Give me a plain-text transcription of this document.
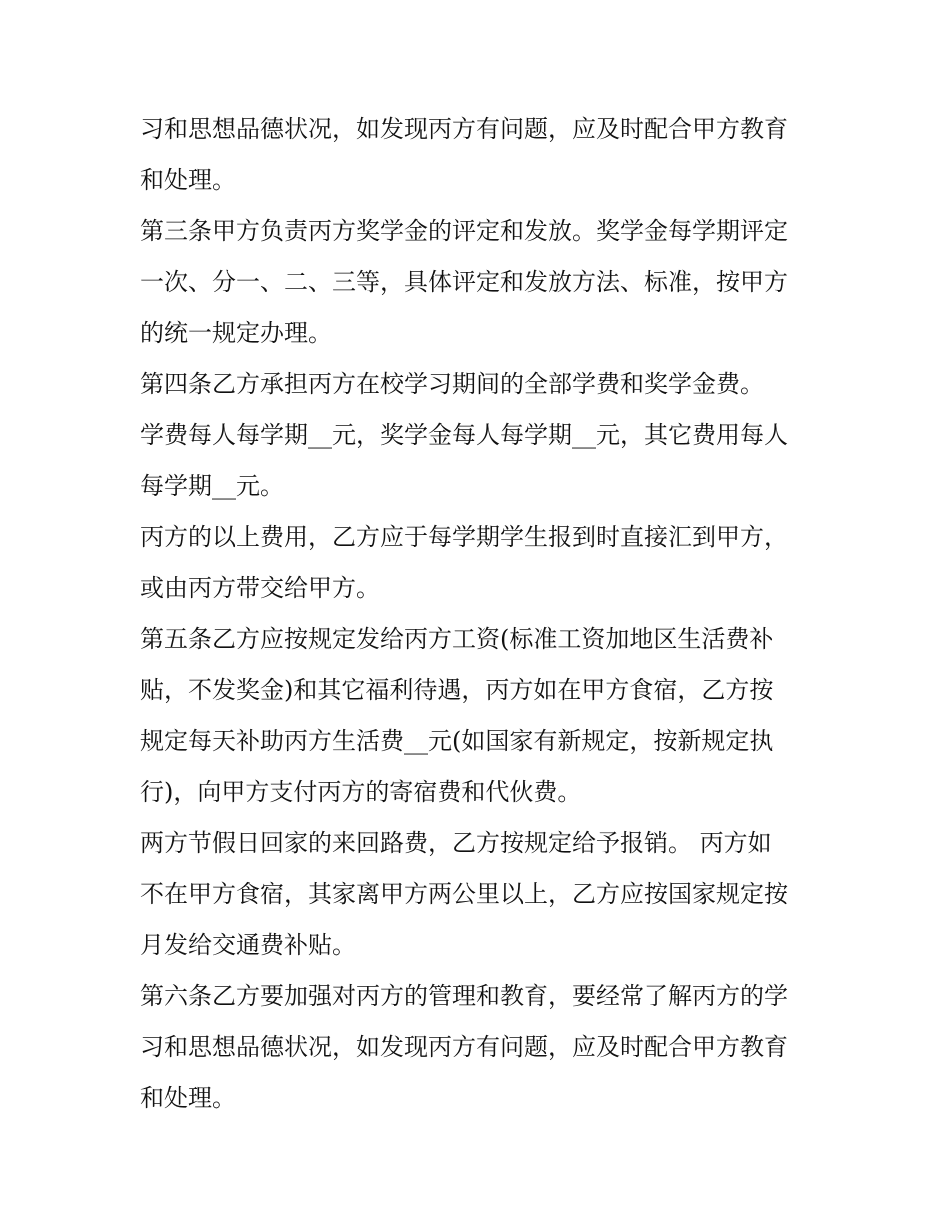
习和思想品德状况，如发现丙方有问题，应及时配合甲方教育
和处理。
第三条甲方负责丙方奖学金的评定和发放。奖学金每学期评定
一次、分一、二、三等，具体评定和发放方法、标准，按甲方
的统一规定办理。
第四条乙方承担丙方在校学习期间的全部学费和奖学金费。
学费每人每学期__元，奖学金每人每学期__元，其它费用每人
每学期__元。
丙方的以上费用，乙方应于每学期学生报到时直接汇到甲方，
或由丙方带交给甲方。
第五条乙方应按规定发给丙方工资(标准工资加地区生活费补
贴，不发奖金)和其它福利待遇，丙方如在甲方食宿，乙方按
规定每天补助丙方生活费__元(如国家有新规定，按新规定执
行)，向甲方支付丙方的寄宿费和代伙费。
两方节假日回家的来回路费，乙方按规定给予报销。 丙方如
不在甲方食宿，其家离甲方两公里以上，乙方应按国家规定按
月发给交通费补贴。
第六条乙方要加强对丙方的管理和教育，要经常了解丙方的学
习和思想品德状况，如发现丙方有问题，应及时配合甲方教育
和处理。
